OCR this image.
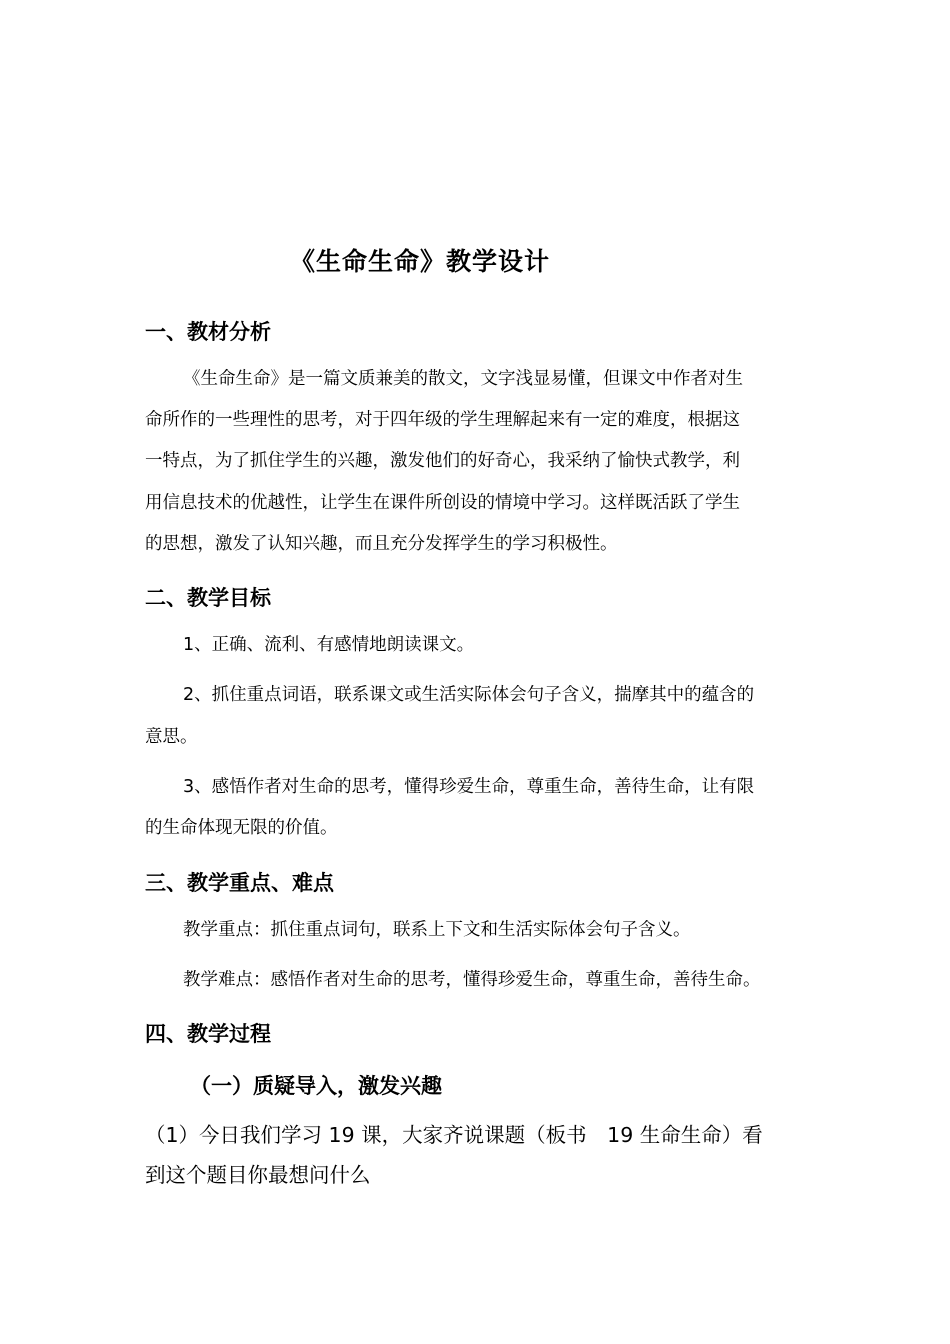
《生命生命》教学设计
一、教材分析
《生命生命》是一篇文质兼美的散文，文字浅显易懂，但课文中作者对生
命所作的一些理性的思考，对于四年级的学生理解起来有一定的难度，根据这
一特点，为了抓住学生的兴趣，激发他们的好奇心，我采纳了愉快式教学，利
用信息技术的优越性，让学生在课件所创设的情境中学习。这样既活跃了学生
的思想，激发了认知兴趣，而且充分发挥学生的学习积极性。
二、教学目标
1、正确、流利、有感情地朗读课文。
2、抓住重点词语，联系课文或生活实际体会句子含义，揣摩其中的蕴含的
意思。
3、感悟作者对生命的思考，懂得珍爱生命，尊重生命，善待生命，让有限
的生命体现无限的价值。
三、教学重点、难点
教学重点：抓住重点词句，联系上下文和生活实际体会句子含义。
教学难点：感悟作者对生命的思考，懂得珍爱生命，尊重生命，善待生命。
四、教学过程
（一）质疑导入，激发兴趣
（1）今日我们学习 19 课，大家齐说课题（板书　19 生命生命）看
到这个题目你最想问什么
